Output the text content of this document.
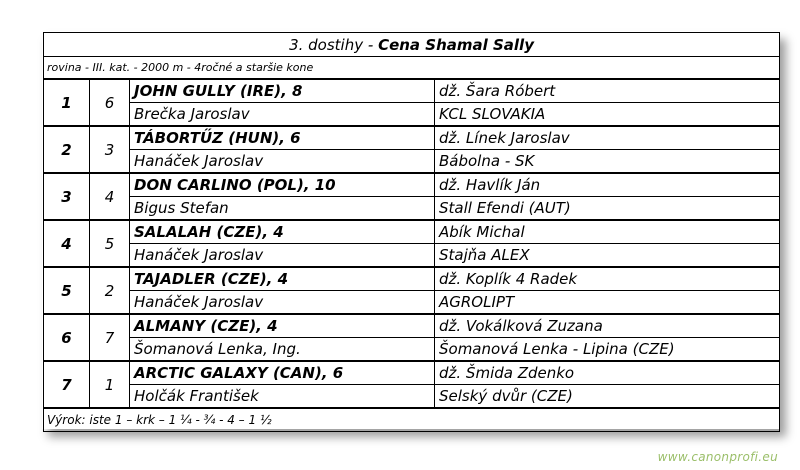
3. dostihy - Cena Shamal Sally			
rovina - III. kat. - 2000 m - 4ročné a staršie kone			
1	6	JOHN GULLY (IRE), 8	dž. Šara Róbert
		Brečka Jaroslav	KCL SLOVAKIA
2	3	TÁBORTŰZ (HUN), 6	dž. Línek Jaroslav
		Hanáček Jaroslav	Bábolna - SK
3	4	DON CARLINO (POL), 10	dž. Havlík Ján
		Bigus Stefan	Stall Efendi (AUT)
4	5	SALALAH (CZE), 4	Abík Michal
		Hanáček Jaroslav	Stajňa ALEX
5	2	TAJADLER (CZE), 4	dž. Koplík 4 Radek
		Hanáček Jaroslav	AGROLIPT
6	7	ALMANY (CZE), 4	dž. Vokálková Zuzana
		Šomanová Lenka, Ing.	Šomanová Lenka - Lipina (CZE)
7	1	ARCTIC GALAXY (CAN), 6	dž. Šmida Zdenko
		Holčák František	Selský dvůr (CZE)
Výrok: iste 1 – krk – 1 ¼ - ¾ - 4 – 1 ½			
www.canonprofi.eu
